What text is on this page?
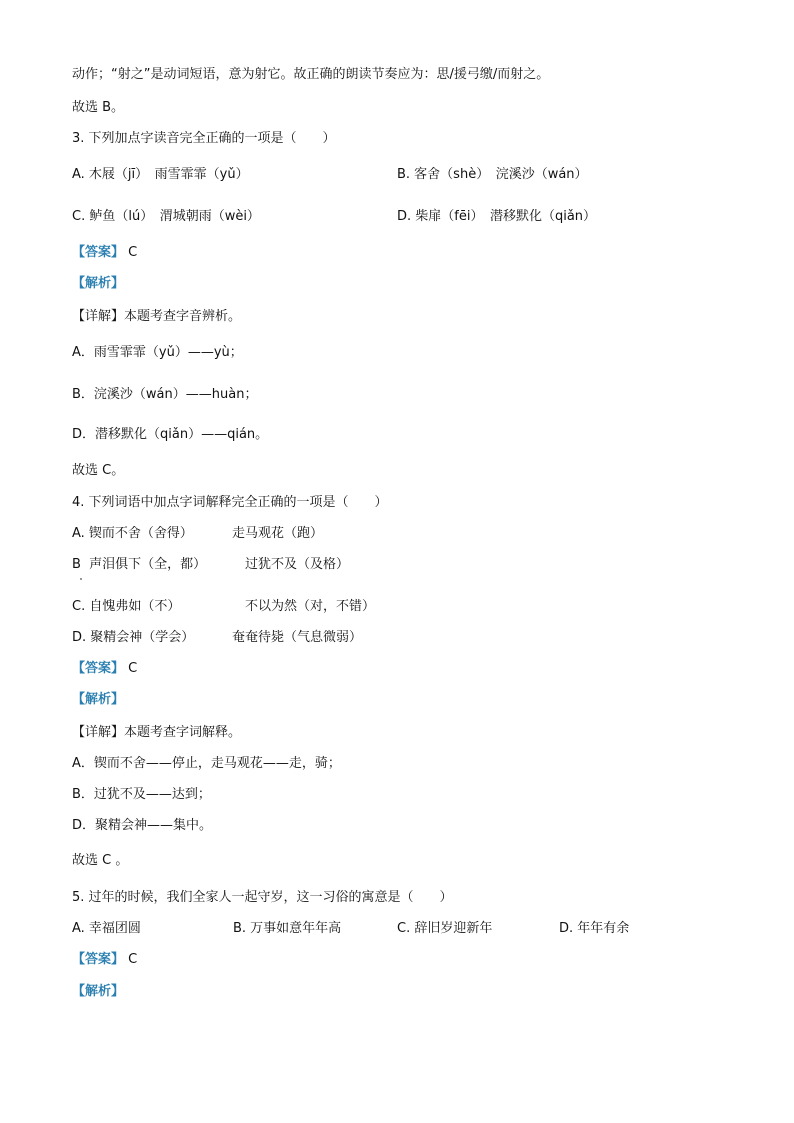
动作；“射之”是动词短语，意为射它。故正确的朗读节奏应为：思/援弓缴/而射之。
故选 B。
3. 下列加点字读音完全正确的一项是（　　）
A. 木屐（jī）　雨雪霏霏（yǔ）	B. 客舍（shè）　浣溪沙（wán）
C. 鲈鱼（lú）　渭城朝雨（wèi）	D. 柴扉（fēi）　潜移默化（qiǎn）
【答案】 C
【解析】
【详解】本题考查字音辨析。
A．雨雪霏霏（yǔ）——yù；
B．浣溪沙（wán）——huàn；
D．潜移默化（qiǎn）——qián。
故选 C。
4. 下列词语中加点字词解释完全正确的一项是（　　）
A. 锲而不舍（舍得）	走马观花（跑）
B  声泪俱下（全，都）	过犹不及（及格）
C. 自愧弗如（不）	不以为然（对，不错）
D. 聚精会神（学会）	奄奄待毙（气息微弱）
【答案】 C
【解析】
【详解】本题考查字词解释。
A．锲而不舍——停止，走马观花——走，骑；
B．过犹不及——达到；
D．聚精会神——集中。
故选 C 。
5. 过年的时候，我们全家人一起守岁，这一习俗的寓意是（　　）
A. 幸福团圆	B. 万事如意年年高	C. 辞旧岁迎新年	D. 年年有余
【答案】 C
【解析】
